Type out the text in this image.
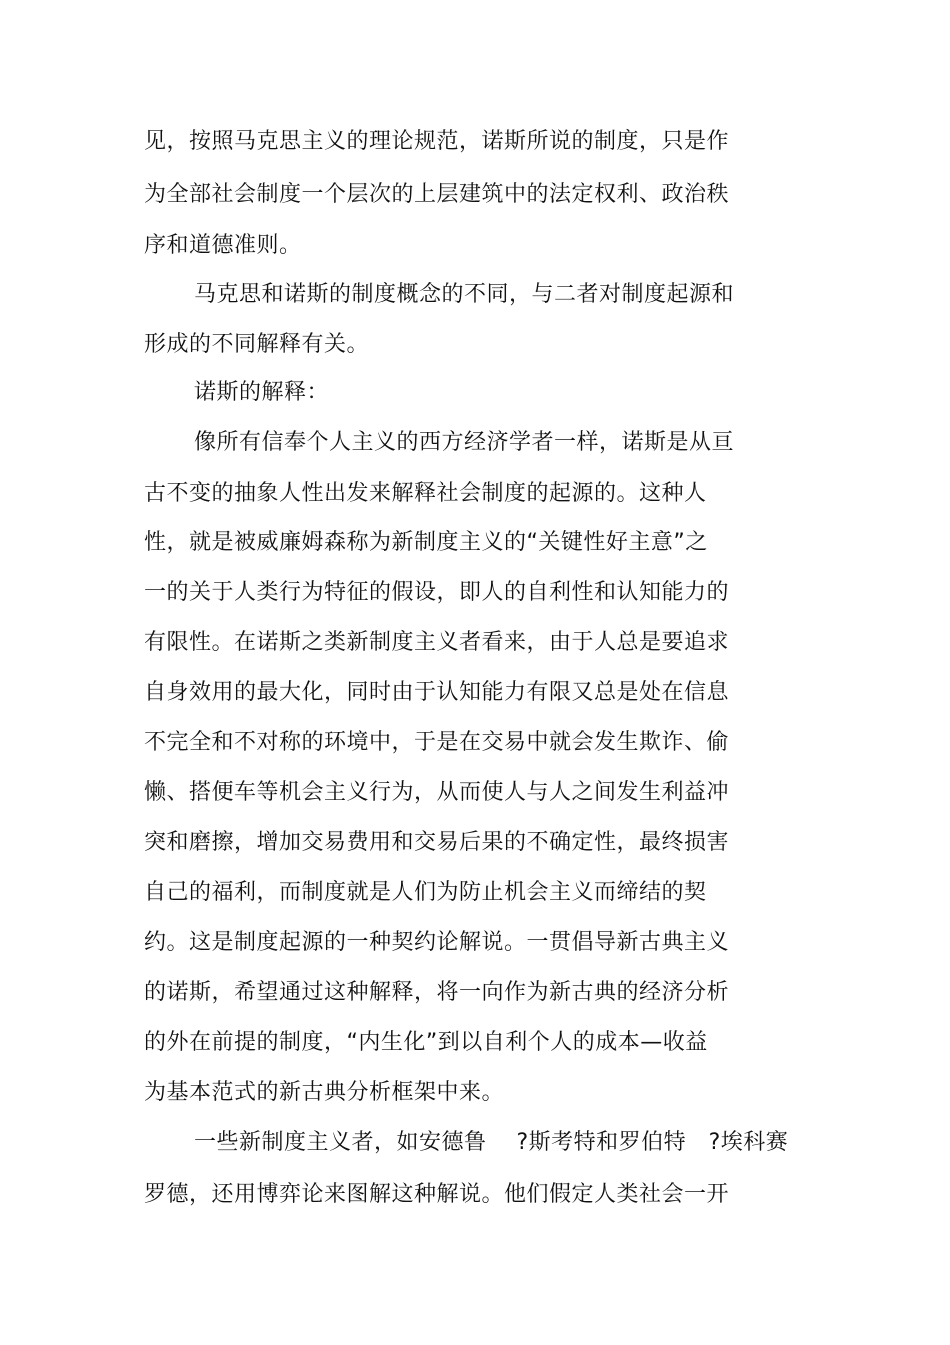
见，按照马克思主义的理论规范，诺斯所说的制度，只是作
为全部社会制度一个层次的上层建筑中的法定权利、政治秩
序和道德准则。
马克思和诺斯的制度概念的不同，与二者对制度起源和
形成的不同解释有关。
诺斯的解释：
像所有信奉个人主义的西方经济学者一样，诺斯是从亘
古不变的抽象人性出发来解释社会制度的起源的。这种人
性，就是被威廉姆森称为新制度主义的“关键性好主意”之
一的关于人类行为特征的假设，即人的自利性和认知能力的
有限性。在诺斯之类新制度主义者看来，由于人总是要追求
自身效用的最大化，同时由于认知能力有限又总是处在信息
不完全和不对称的环境中，于是在交易中就会发生欺诈、偷
懒、搭便车等机会主义行为，从而使人与人之间发生利益冲
突和磨擦，增加交易费用和交易后果的不确定性，最终损害
自己的福利，而制度就是人们为防止机会主义而缔结的契
约。这是制度起源的一种契约论解说。一贯倡导新古典主义
的诺斯，希望通过这种解释，将一向作为新古典的经济分析
的外在前提的制度，“内生化”到以自利个人的成本—收益
为基本范式的新古典分析框架中来。
一些新制度主义者，如安德鲁    ?斯考特和罗伯特   ?埃科赛
罗德，还用博弈论来图解这种解说。他们假定人类社会一开
